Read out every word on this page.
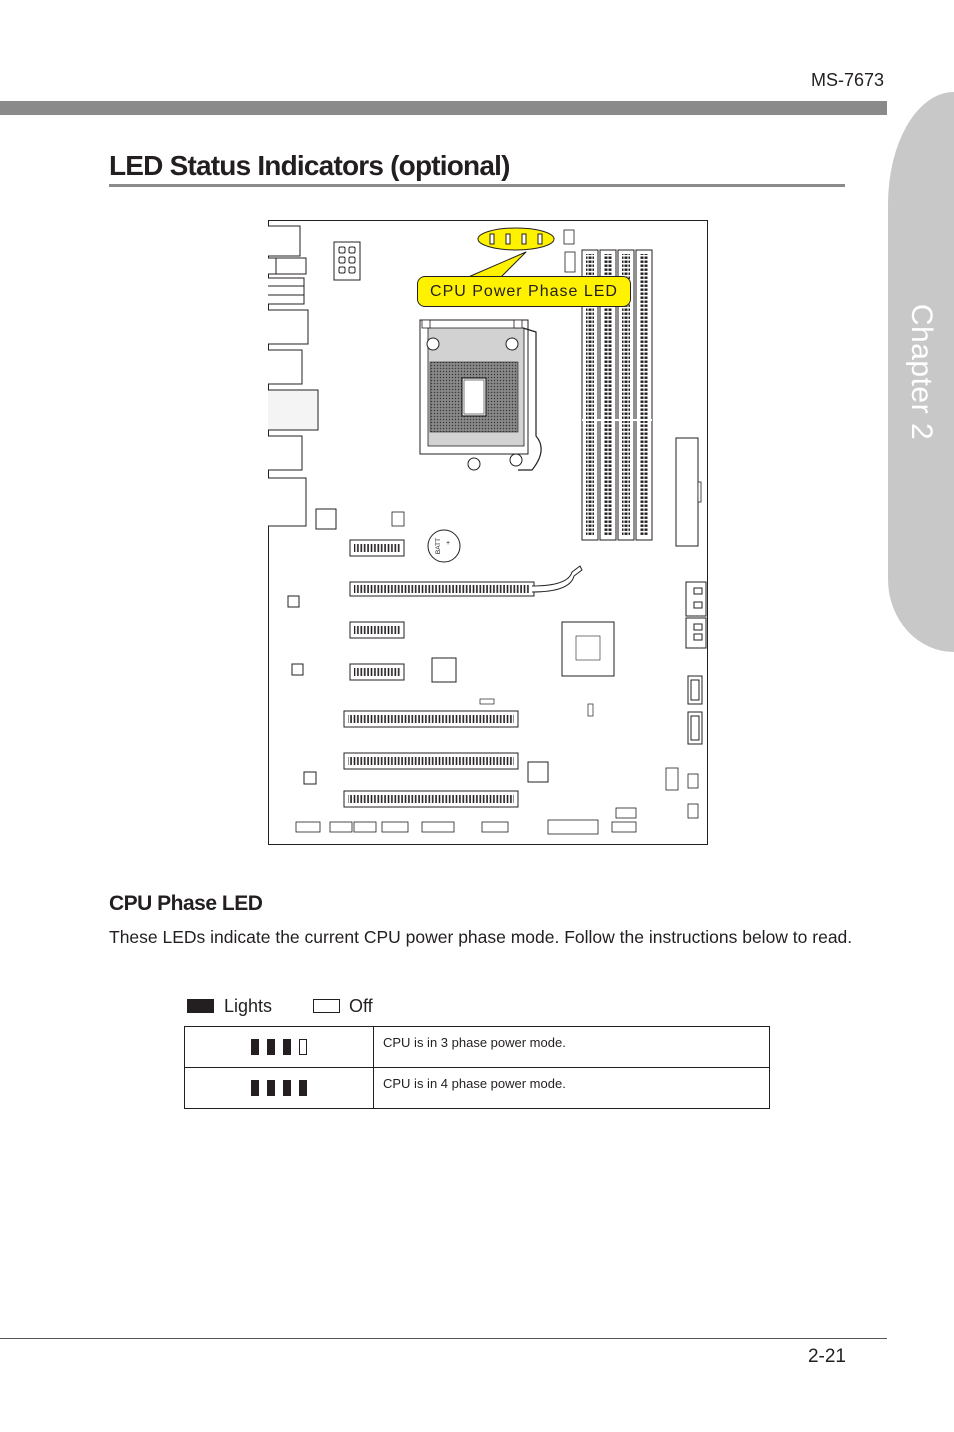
MS-7673
Chapter 2
LED Status Indicators (optional)
BATT +
CPU Power Phase LED
CPU Phase LED
These LEDs indicate the current CPU power phase mode. Follow the instructions below to read.
Lights	Off
	CPU is in 3 phase power mode.
	CPU is in 4 phase power mode.
2-21
